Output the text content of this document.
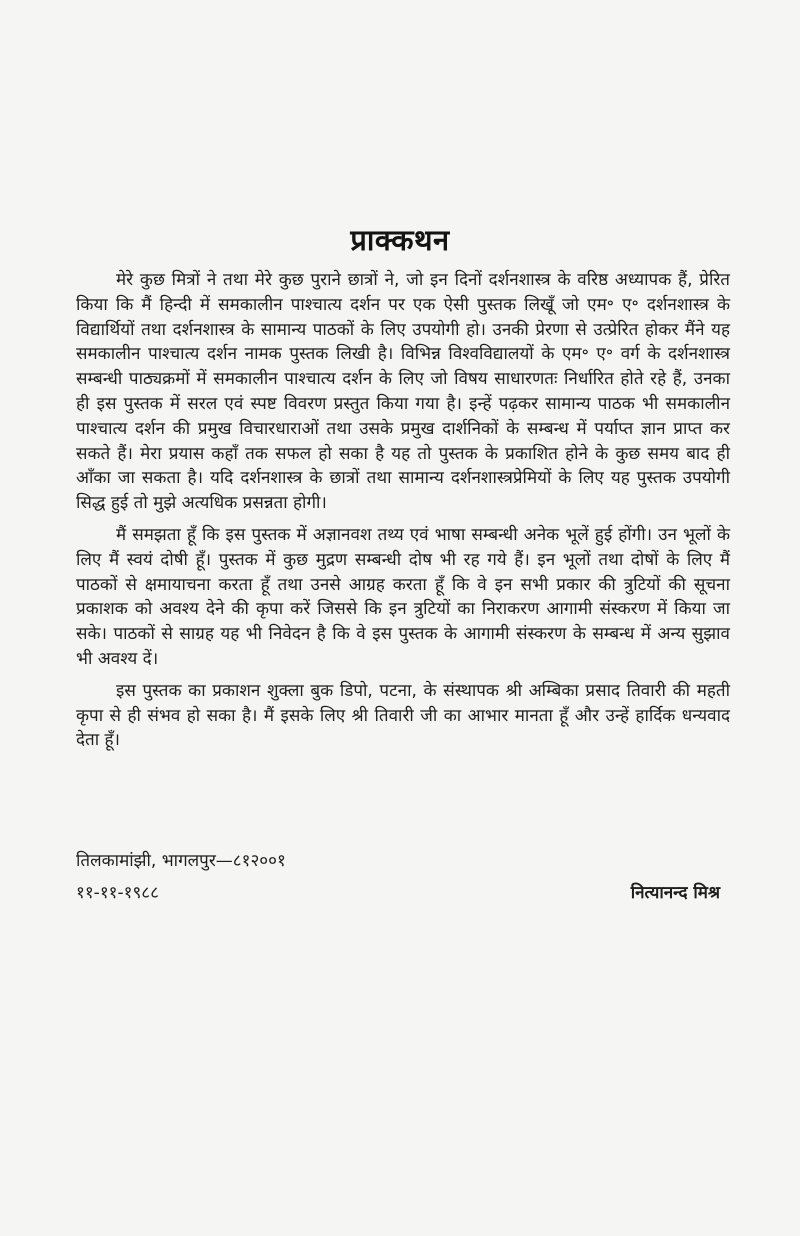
प्राक्कथन

मेरे कुछ मित्रों ने तथा मेरे कुछ पुराने छात्रों ने, जो इन दिनों दर्शनशास्त्र के वरिष्ठ अध्यापक हैं, प्रेरित किया कि मैं हिन्दी में समकालीन पाश्चात्य दर्शन पर एक ऐसी पुस्तक लिखूँ जो एम॰ ए॰ दर्शनशास्त्र के विद्यार्थियों तथा दर्शनशास्त्र के सामान्य पाठकों के लिए उपयोगी हो। उनकी प्रेरणा से उत्प्रेरित होकर मैंने यह समकालीन पाश्चात्य दर्शन नामक पुस्तक लिखी है। विभिन्न विश्वविद्यालयों के एम॰ ए॰ वर्ग के दर्शनशास्त्र सम्बन्धी पाठ्यक्रमों में समकालीन पाश्चात्य दर्शन के लिए जो विषय साधारणतः निर्धारित होते रहे हैं, उनका ही इस पुस्तक में सरल एवं स्पष्ट विवरण प्रस्तुत किया गया है। इन्हें पढ़कर सामान्य पाठक भी समकालीन पाश्चात्य दर्शन की प्रमुख विचारधाराओं तथा उसके प्रमुख दार्शनिकों के सम्बन्ध में पर्याप्त ज्ञान प्राप्त कर सकते हैं। मेरा प्रयास कहाँ तक सफल हो सका है यह तो पुस्तक के प्रकाशित होने के कुछ समय बाद ही आँका जा सकता है। यदि दर्शनशास्त्र के छात्रों तथा सामान्य दर्शनशास्त्रप्रेमियों के लिए यह पुस्तक उपयोगी सिद्ध हुई तो मुझे अत्यधिक प्रसन्नता होगी।

मैं समझता हूँ कि इस पुस्तक में अज्ञानवश तथ्य एवं भाषा सम्बन्धी अनेक भूलें हुई होंगी। उन भूलों के लिए मैं स्वयं दोषी हूँ। पुस्तक में कुछ मुद्रण सम्बन्धी दोष भी रह गये हैं। इन भूलों तथा दोषों के लिए मैं पाठकों से क्षमायाचना करता हूँ तथा उनसे आग्रह करता हूँ कि वे इन सभी प्रकार की त्रुटियों की सूचना प्रकाशक को अवश्य देने की कृपा करें जिससे कि इन त्रुटियों का निराकरण आगामी संस्करण में किया जा सके। पाठकों से साग्रह यह भी निवेदन है कि वे इस पुस्तक के आगामी संस्करण के सम्बन्ध में अन्य सुझाव भी अवश्य दें।

इस पुस्तक का प्रकाशन शुक्ला बुक डिपो, पटना, के संस्थापक श्री अम्बिका प्रसाद तिवारी की महती कृपा से ही संभव हो सका है। मैं इसके लिए श्री तिवारी जी का आभार मानता हूँ और उन्हें हार्दिक धन्यवाद देता हूँ।

तिलकामांझी, भागलपुर—८१२००१
११-११-१९८८	नित्यानन्द मिश्र
